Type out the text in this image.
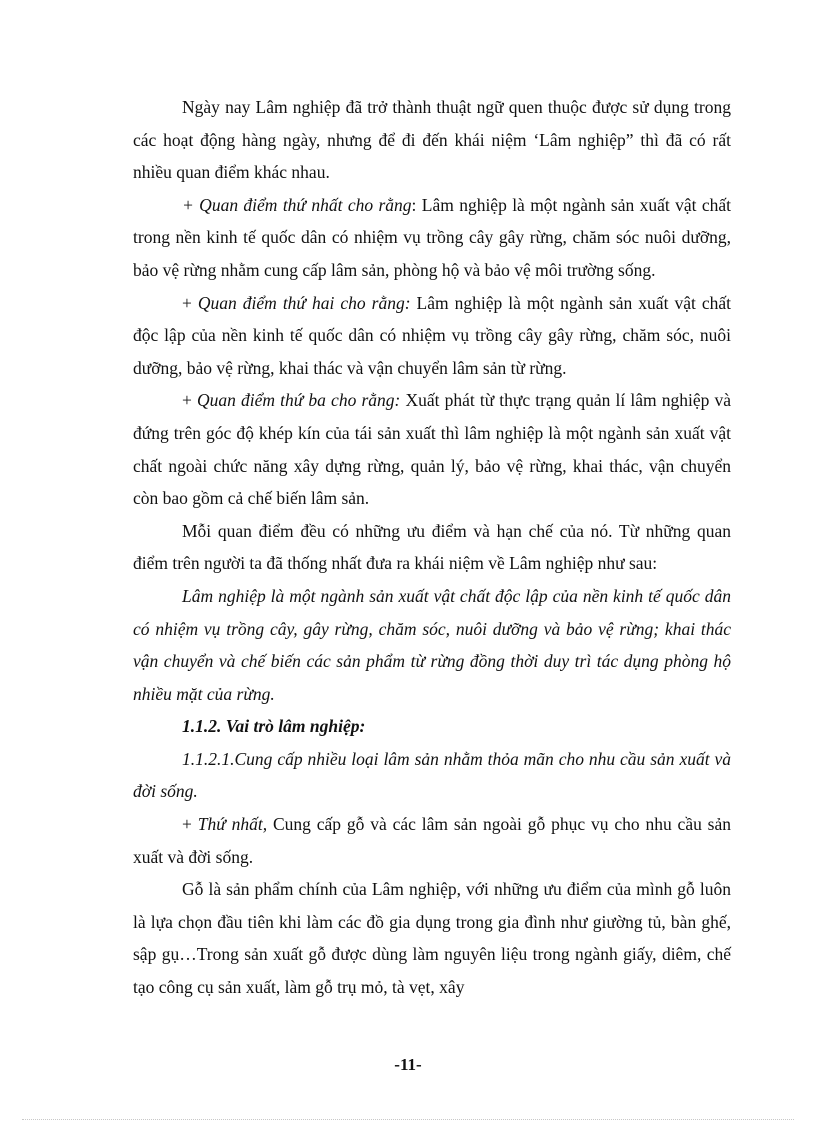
Ngày nay Lâm nghiệp đã trở thành thuật ngữ quen thuộc được sử dụng trong các hoạt động hàng ngày, nhưng để đi đến khái niệm ‘Lâm nghiệp” thì đã có rất nhiều quan điểm khác nhau.

+ Quan điểm thứ nhất cho rằng: Lâm nghiệp là một ngành sản xuất vật chất trong nền kinh tế quốc dân có nhiệm vụ trồng cây gây rừng, chăm sóc nuôi dưỡng, bảo vệ rừng nhằm cung cấp lâm sản, phòng hộ và bảo vệ môi trường sống.

+ Quan điểm thứ hai cho rằng: Lâm nghiệp là một ngành sản xuất vật chất độc lập của nền kinh tế quốc dân có nhiệm vụ trồng cây gây rừng, chăm sóc, nuôi dưỡng, bảo vệ rừng, khai thác và vận chuyển lâm sản từ rừng.

+ Quan điểm thứ ba cho rằng: Xuất phát từ thực trạng quản lí lâm nghiệp và đứng trên góc độ khép kín của tái sản xuất thì lâm nghiệp là một ngành sản xuất vật chất ngoài chức năng xây dựng rừng, quản lý, bảo vệ rừng, khai thác, vận chuyển còn bao gồm cả chế biến lâm sản.

Mỗi quan điểm đều có những ưu điểm và hạn chế của nó. Từ những quan điểm trên người ta đã thống nhất đưa ra khái niệm về Lâm nghiệp như sau:

Lâm nghiệp là một ngành sản xuất vật chất độc lập của nền kinh tế quốc dân có nhiệm vụ trồng cây, gây rừng, chăm sóc, nuôi dưỡng và bảo vệ rừng; khai thác vận chuyển và chế biến các sản phẩm từ rừng đồng thời duy trì tác dụng phòng hộ nhiều mặt của rừng.

1.1.2. Vai trò lâm nghiệp:

1.1.2.1.Cung cấp nhiều loại lâm sản nhằm thỏa mãn cho nhu cầu sản xuất và đời sống.

+ Thứ nhất, Cung cấp gỗ và các lâm sản ngoài gỗ phục vụ cho nhu cầu sản xuất và đời sống.

Gỗ là sản phẩm chính của Lâm nghiệp, với những ưu điểm của mình gỗ luôn là lựa chọn đầu tiên khi làm các đồ gia dụng trong gia đình như giường tủ, bàn ghế, sập gụ…Trong sản xuất gỗ được dùng làm nguyên liệu trong ngành giấy, diêm, chế tạo công cụ sản xuất, làm gỗ trụ mỏ, tà vẹt, xây

-11-
